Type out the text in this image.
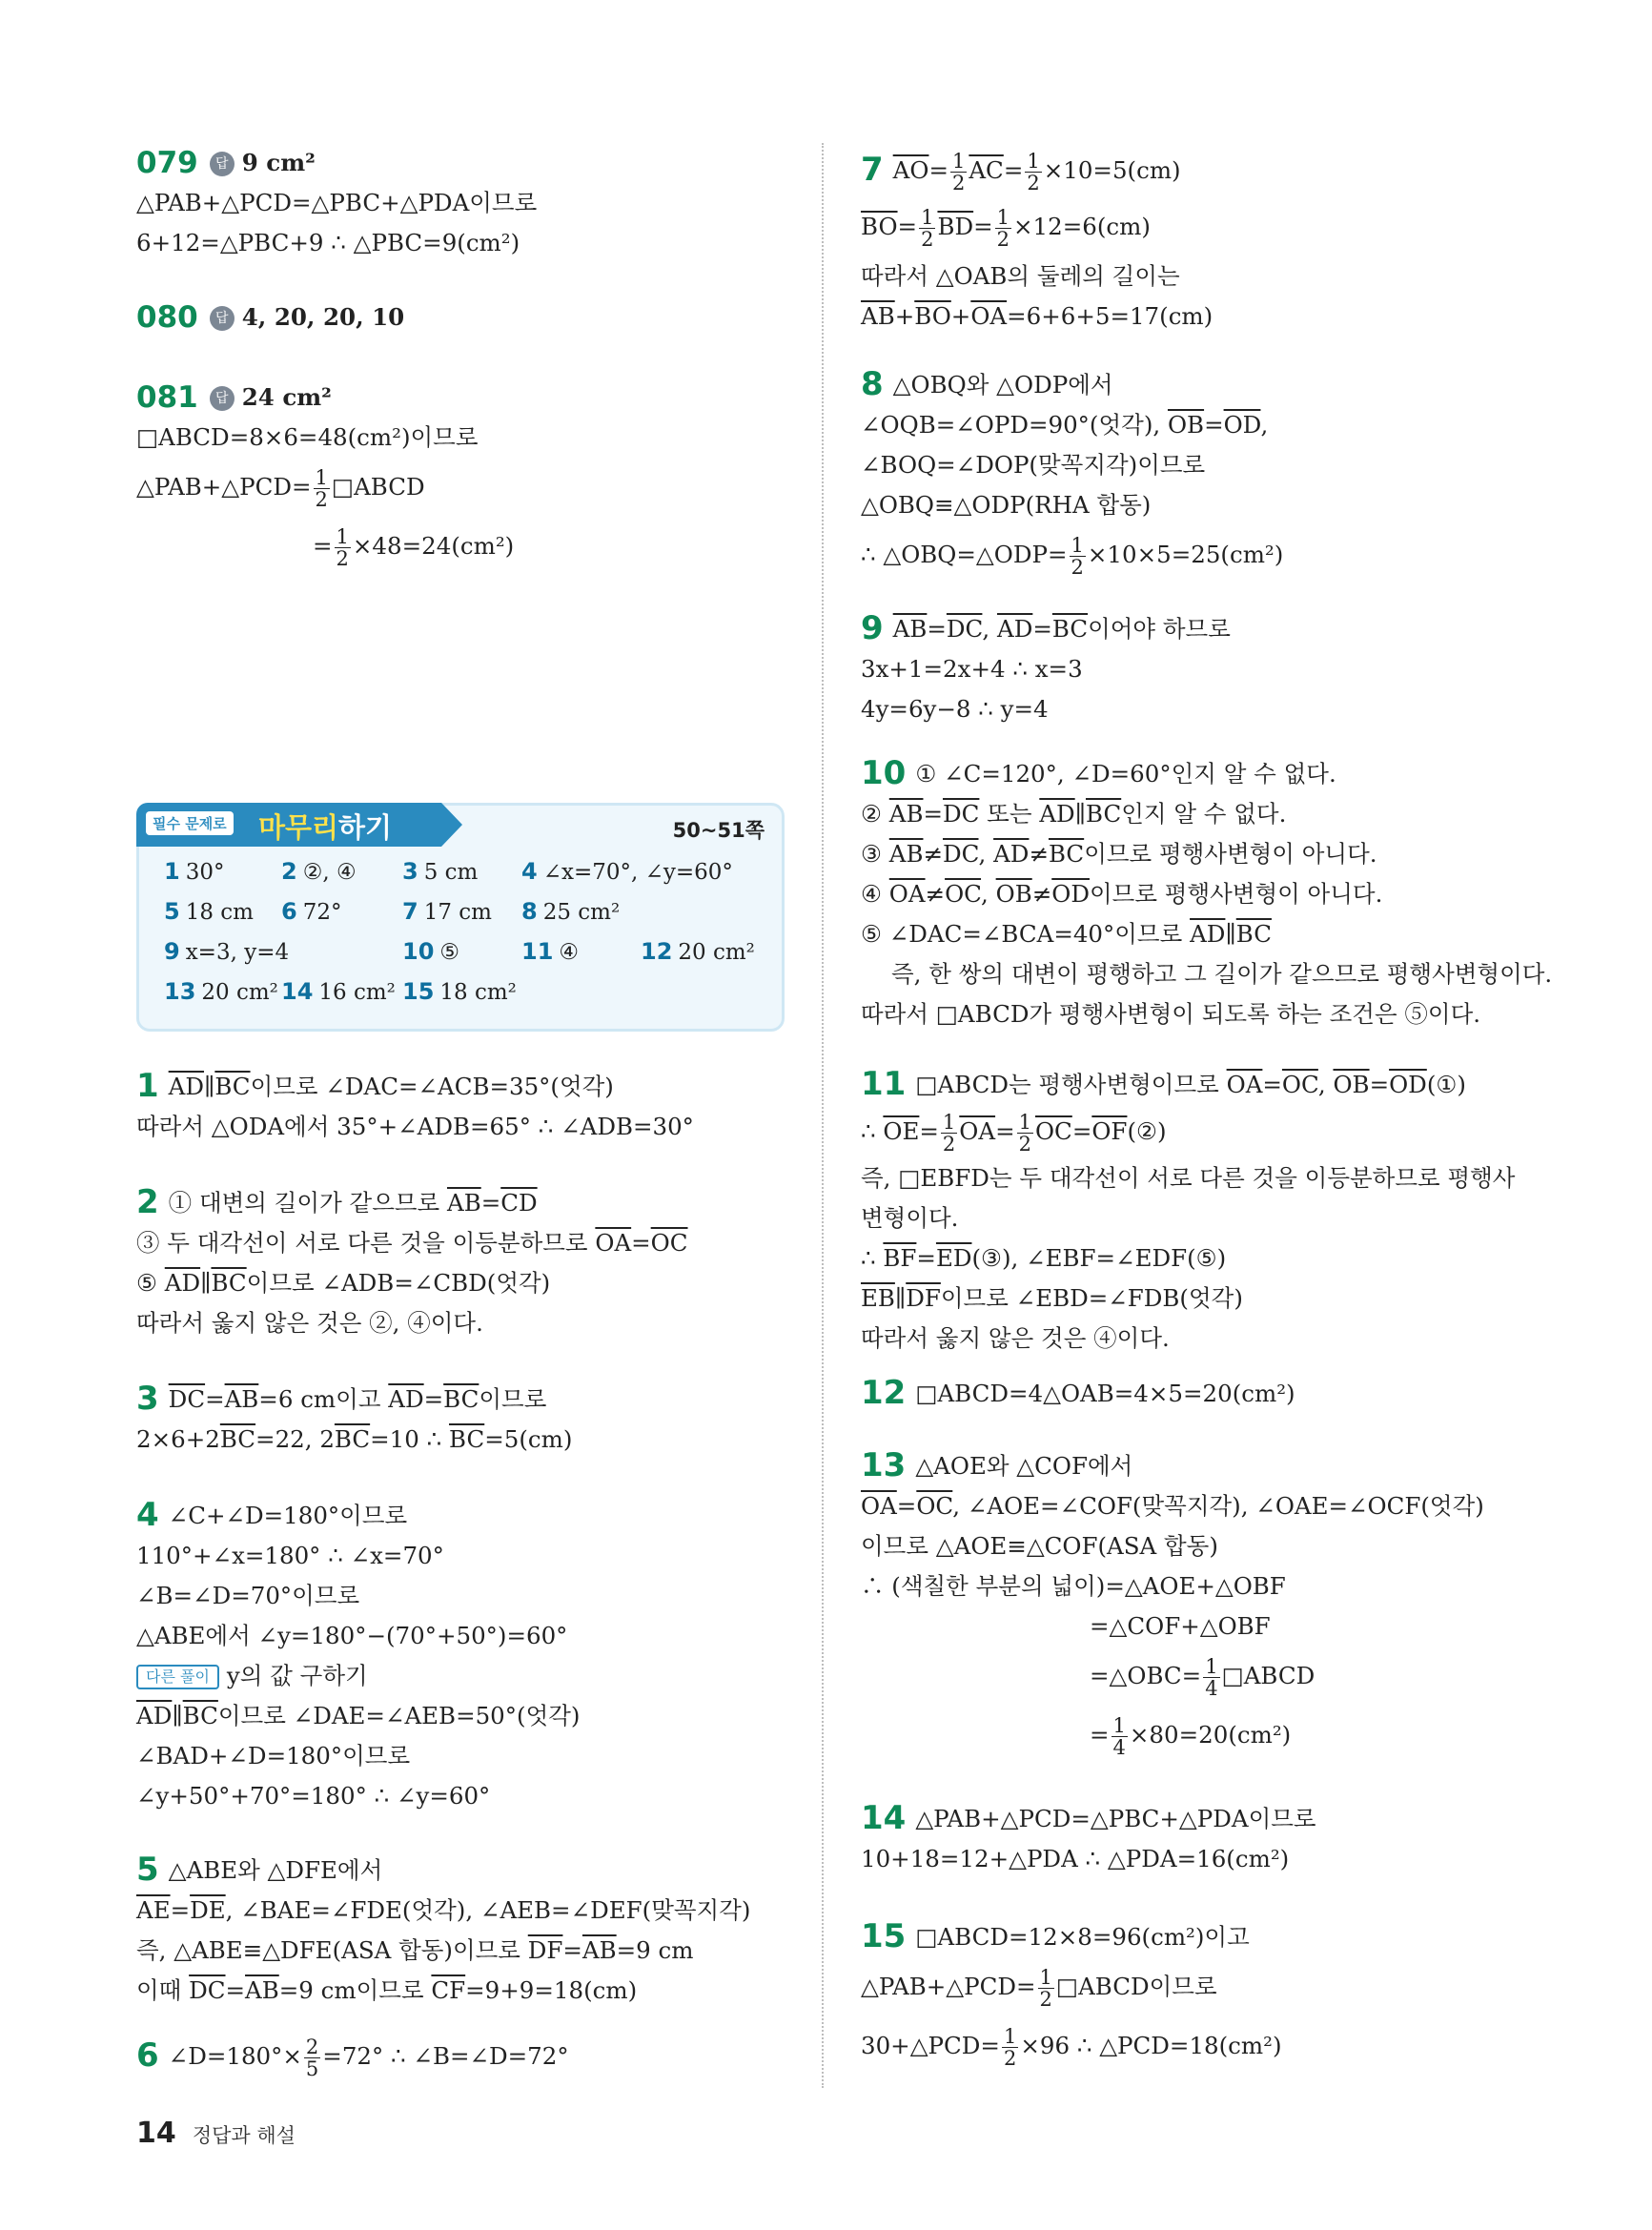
079 답 9 cm²
△PAB+△PCD=△PBC+△PDA이므로
6+12=△PBC+9 ∴ △PBC=9(cm²)
080 답 4, 20, 20, 10
081 답 24 cm²
□ABCD=8×6=48(cm²)이므로
△PAB+△PCD= $\frac{1}{2}$ □ABCD
= $\frac{1}{2} \times 48=24(cm^2)$
필수 문제로 마무리하기	50~51쪽
1 30° 2 ②, ④ 3 5 cm 4 ∠x=70°, ∠y=60°
5 18 cm 6 72°	7 17 cm 8 25 cm²
9 x=3, y=4	10 ⑤	11 ④	12 20 cm²
13 20 cm² 14 16 cm² 15 18 cm²
1 $\overline{AD}\parallel\overline{BC}$이므로 ∠DAC=∠ACB=35°(엇각)
따라서 △ODA에서 35°+∠ADB=65° ∴ ∠ADB=30°
2 ① 대변의 길이가 같으므로 $\overline{AB}=\overline{CD}$
③ 두 대각선이 서로 다른 것을 이등분하므로 $\overline{OA}=\overline{OC}$
⑤ $\overline{AD}\parallel\overline{BC}$이므로 ∠ADB=∠CBD(엇각)
따라서 옳지 않은 것은 ②, ④이다.
3 $\overline{DC}=\overline{AB}=6$ cm이고 $\overline{AD}=\overline{BC}$이므로
$2\times 6+2\overline{BC}=22$, $2\overline{BC}=10$ ∴ $\overline{BC}=5(cm)$
4 ∠C+∠D=180°이므로
110°+∠x=180° ∴ ∠x=70°
∠B=∠D=70°이므로
△ABE에서 ∠y=180°−(70°+50°)=60°
다른 풀이 y의 값 구하기
$\overline{AD}\parallel\overline{BC}$이므로 ∠DAE=∠AEB=50°(엇각)
∠BAD+∠D=180°이므로
∠y+50°+70°=180° ∴ ∠y=60°
5 △ABE와 △DFE에서
$\overline{AE}=\overline{DE}$, ∠BAE=∠FDE(엇각), ∠AEB=∠DEF(맞꼭지각)
즉, △ABE≡△DFE(ASA 합동)이므로 $\overline{DF}=\overline{AB}=9$ cm
이때 $\overline{DC}=\overline{AB}=9$ cm이므로 $\overline{CF}=9+9=18(cm)$
6 ∠D=180°× $\frac{2}{5} =72^\circ$ ∴ ∠B=∠D=72°
7 $\overline{AO}= \frac{1}{2} \overline{AC}= \frac{1}{2} \times 10=5(cm)$
$\overline{BO}= \frac{1}{2} \overline{BD}= \frac{1}{2} \times 12=6(cm)$
따라서 △OAB의 둘레의 길이는
$\overline{AB}+\overline{BO}+\overline{OA}=6+6+5=17(cm)$
8 △OBQ와 △ODP에서
∠OQB=∠OPD=90°(엇각), $\overline{OB}=\overline{OD}$,
∠BOQ=∠DOP(맞꼭지각)이므로
△OBQ≡△ODP(RHA 합동)
∴ △OBQ=△ODP= $\frac{1}{2} \times 10\times 5=25(cm^2)$
9 $\overline{AB}=\overline{DC}$, $\overline{AD}=\overline{BC}$이어야 하므로
3x+1=2x+4 ∴ x=3
4y=6y−8 ∴ y=4
10 ① ∠C=120°, ∠D=60°인지 알 수 없다.
② $\overline{AB}=\overline{DC}$ 또는 $\overline{AD}\parallel\overline{BC}$인지 알 수 없다.
③ $\overline{AB}\ne\overline{DC}$, $\overline{AD}\ne\overline{BC}$이므로 평행사변형이 아니다.
④ $\overline{OA}\ne\overline{OC}$, $\overline{OB}\ne\overline{OD}$이므로 평행사변형이 아니다.
⑤ ∠DAC=∠BCA=40°이므로 $\overline{AD}\parallel\overline{BC}$
즉, 한 쌍의 대변이 평행하고 그 길이가 같으므로 평행사변형이다.
따라서 □ABCD가 평행사변형이 되도록 하는 조건은 ⑤이다.
11 □ABCD는 평행사변형이므로 $\overline{OA}=\overline{OC}$, $\overline{OB}=\overline{OD}(①)$
∴ $\overline{OE}= \frac{1}{2} \overline{OA}= \frac{1}{2}$ $\overline{OC}=\overline{OF}(②)$
즉, □EBFD는 두 대각선이 서로 다른 것을 이등분하므로 평행사
변형이다.
∴ $\overline{BF}=\overline{ED}(③)$, ∠EBF=∠EDF(⑤)
$\overline{EB}\parallel\overline{DF}$이므로 ∠EBD=∠FDB(엇각)
따라서 옳지 않은 것은 ④이다.
12 □ABCD=4△OAB=4×5=20(cm²)
13 △AOE와 △COF에서
$\overline{OA}=\overline{OC}$, ∠AOE=∠COF(맞꼭지각), ∠OAE=∠OCF(엇각)
이므로 △AOE≡△COF(ASA 합동)
∴ (색칠한 부분의 넓이)=△AOE+△OBF
=△COF+△OBF
=△OBC= $\frac{1}{4}$ □ABCD
= $\frac{1}{4} \times 80=20(cm^2)$
14 △PAB+△PCD=△PBC+△PDA이므로
10+18=12+△PDA ∴ △PDA=16(cm²)
15 □ABCD=12×8=96(cm²)이고
△PAB+△PCD= $\frac{1}{2}$ □ABCD이므로
30+△PCD= $\frac{1}{2} \times 96$ ∴ △PCD=18(cm²)
14 정답과 해설
